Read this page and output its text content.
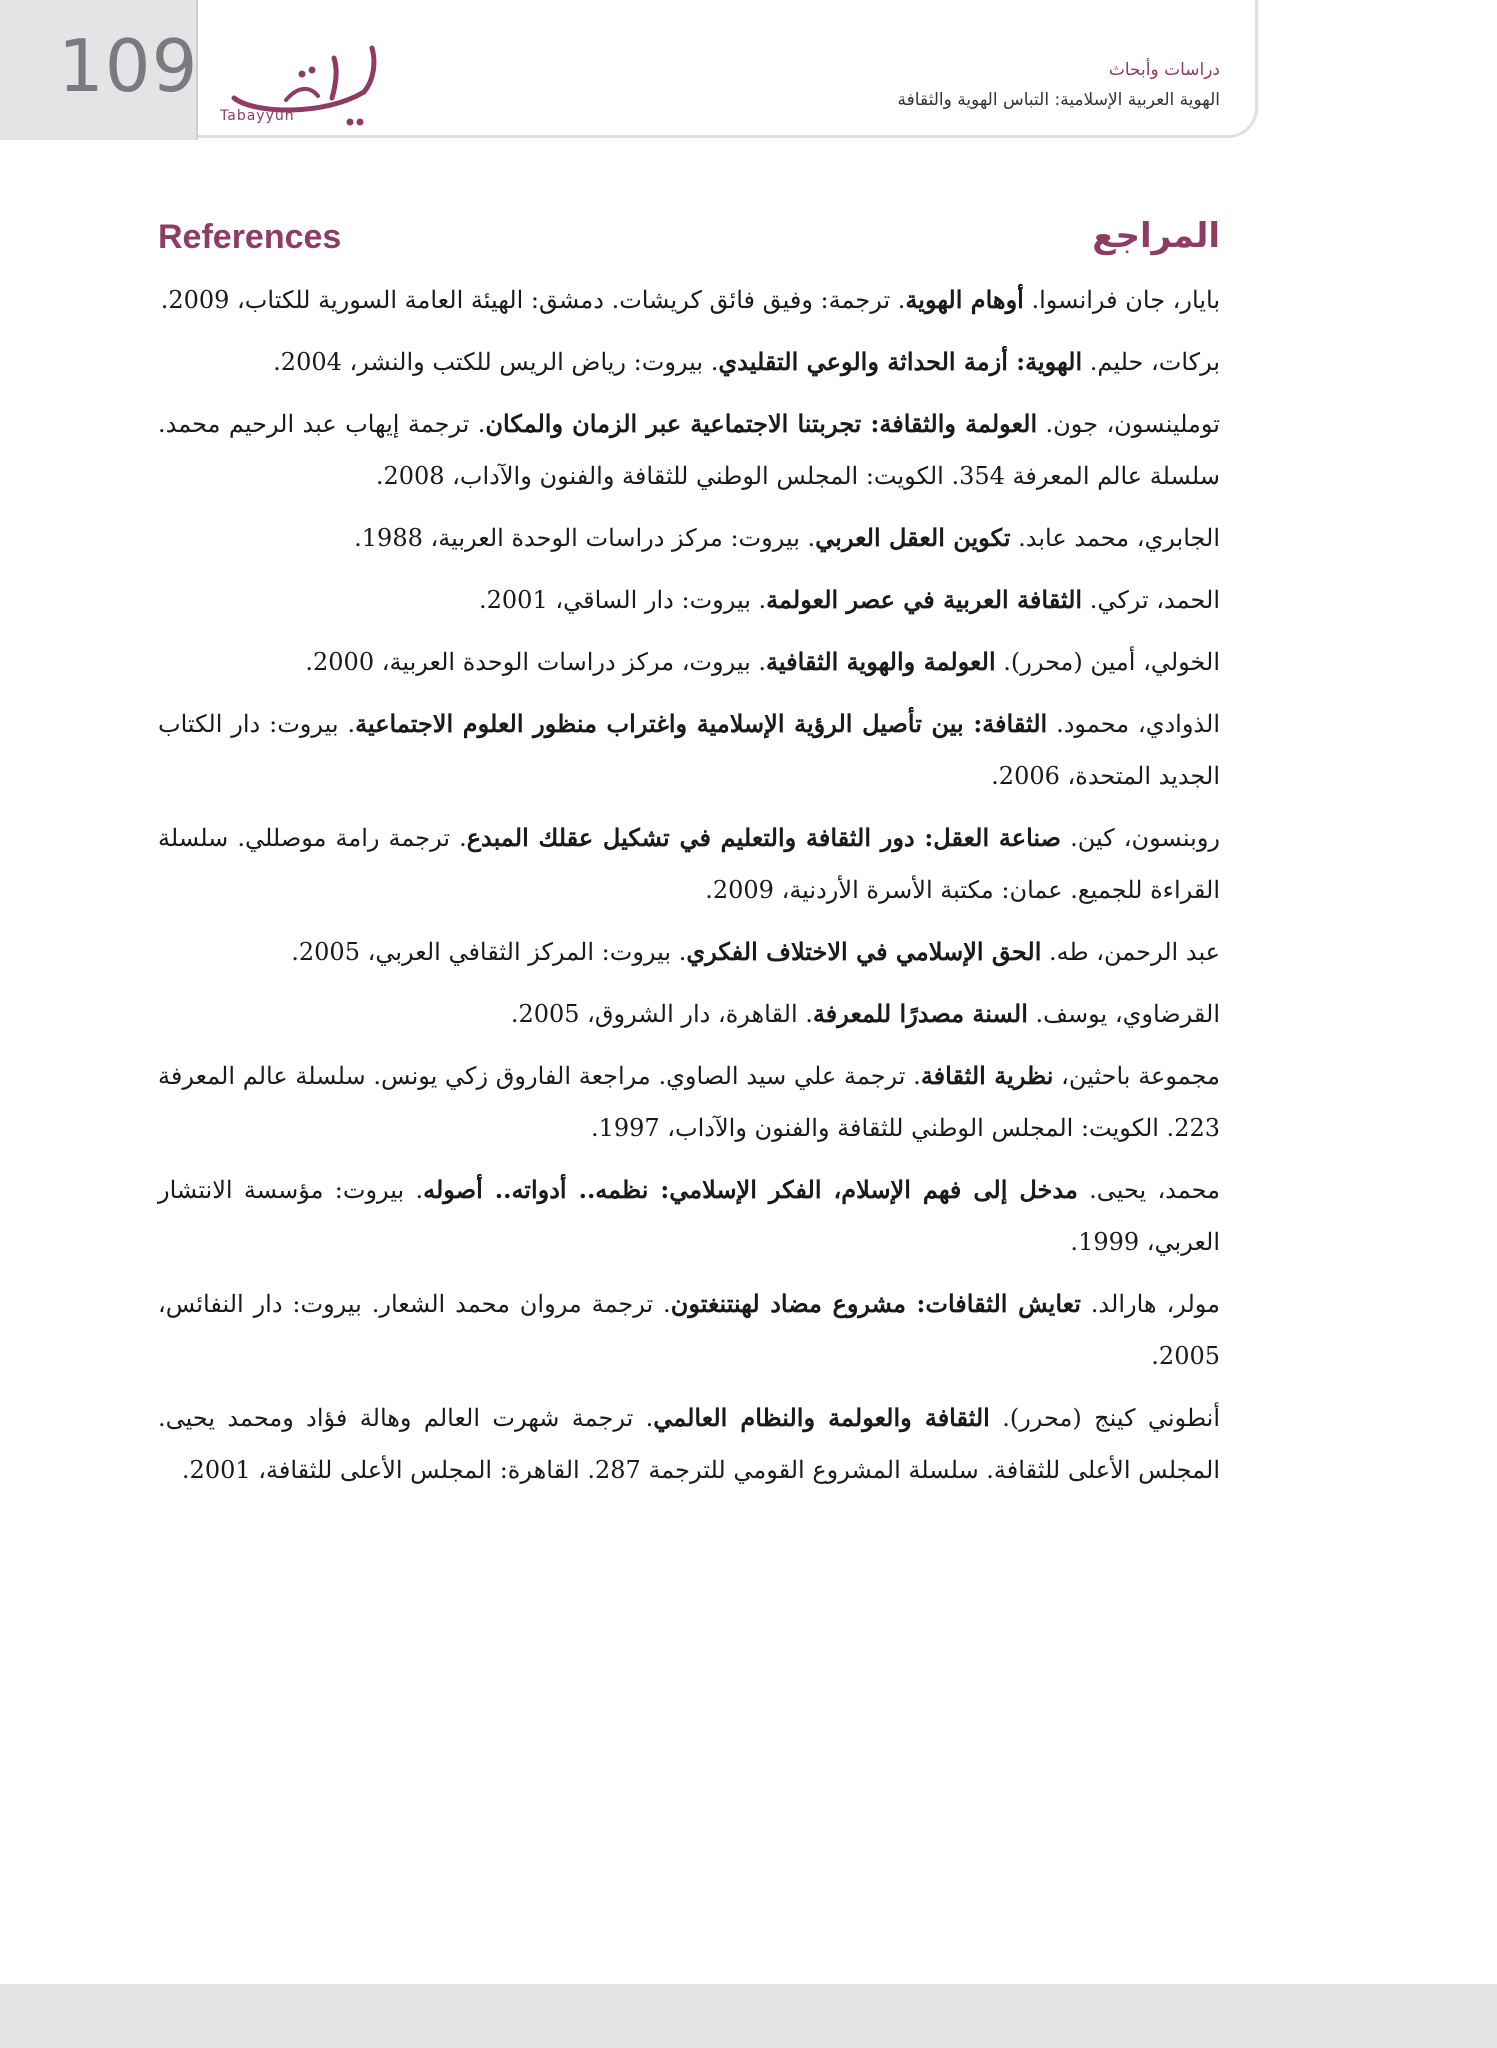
109
Tabayyun
دراسات وأبحاث
الهوية العربية الإسلامية: التباس الهوية والثقافة
References	المراجع
بايار، جان فرانسوا. أوهام الهوية. ترجمة: وفيق فائق كريشات. دمشق: الهيئة العامة السورية للكتاب، 2009.
بركات، حليم. الهوية: أزمة الحداثة والوعي التقليدي. بيروت: رياض الريس للكتب والنشر، 2004.
توملينسون، جون. العولمة والثقافة: تجربتنا الاجتماعية عبر الزمان والمكان. ترجمة إيهاب عبد الرحيم محمد. سلسلة عالم المعرفة 354. الكويت: المجلس الوطني للثقافة والفنون والآداب، 2008.
الجابري، محمد عابد. تكوين العقل العربي. بيروت: مركز دراسات الوحدة العربية، 1988.
الحمد، تركي. الثقافة العربية في عصر العولمة. بيروت: دار الساقي، 2001.
الخولي، أمين (محرر). العولمة والهوية الثقافية. بيروت، مركز دراسات الوحدة العربية، 2000.
الذوادي، محمود. الثقافة: بين تأصيل الرؤية الإسلامية واغتراب منظور العلوم الاجتماعية. بيروت: دار الكتاب الجديد المتحدة، 2006.
روبنسون، كين. صناعة العقل: دور الثقافة والتعليم في تشكيل عقلك المبدع. ترجمة رامة موصللي. سلسلة القراءة للجميع. عمان: مكتبة الأسرة الأردنية، 2009.
عبد الرحمن، طه. الحق الإسلامي في الاختلاف الفكري. بيروت: المركز الثقافي العربي، 2005.
القرضاوي، يوسف. السنة مصدرًا للمعرفة. القاهرة، دار الشروق، 2005.
مجموعة باحثين، نظرية الثقافة. ترجمة علي سيد الصاوي. مراجعة الفاروق زكي يونس. سلسلة عالم المعرفة 223. الكويت: المجلس الوطني للثقافة والفنون والآداب، 1997.
محمد، يحيى. مدخل إلى فهم الإسلام، الفكر الإسلامي: نظمه.. أدواته.. أصوله. بيروت: مؤسسة الانتشار العربي، 1999.
مولر، هارالد. تعايش الثقافات: مشروع مضاد لهنتنغتون. ترجمة مروان محمد الشعار. بيروت: دار النفائس، 2005.
أنطوني كينج (محرر). الثقافة والعولمة والنظام العالمي. ترجمة شهرت العالم وهالة فؤاد ومحمد يحيى. المجلس الأعلى للثقافة. سلسلة المشروع القومي للترجمة 287. القاهرة: المجلس الأعلى للثقافة، 2001.
